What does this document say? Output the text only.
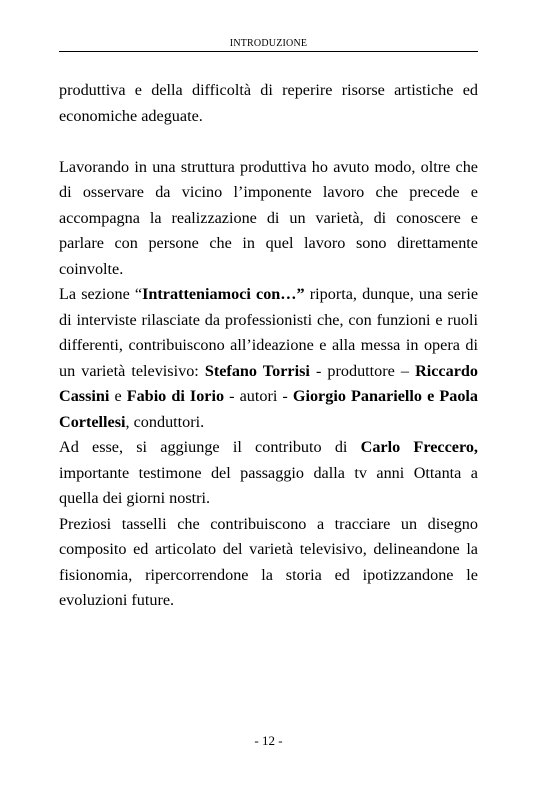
INTRODUZIONE

produttiva e della difficoltà di reperire risorse artistiche ed economiche adeguate.

Lavorando in una struttura produttiva ho avuto modo, oltre che di osservare da vicino l’imponente lavoro che precede e accompagna la realizzazione di un varietà, di conoscere e parlare con persone che in quel lavoro sono direttamente coinvolte.

La sezione “Intratteniamoci con…” riporta, dunque, una serie di interviste rilasciate da professionisti che, con funzioni e ruoli differenti, contribuiscono all’ideazione e alla messa in opera di un varietà televisivo: Stefano Torrisi - produttore – Riccardo Cassini e Fabio di Iorio - autori - Giorgio Panariello e Paola Cortellesi, conduttori.

Ad esse, si aggiunge il contributo di Carlo Freccero, importante testimone del passaggio dalla tv anni Ottanta a quella dei giorni nostri.

Preziosi tasselli che contribuiscono a tracciare un disegno composito ed articolato del varietà televisivo, delineandone la fisionomia, ripercorrendone la storia ed ipotizzandone le evoluzioni future.

- 12 -
